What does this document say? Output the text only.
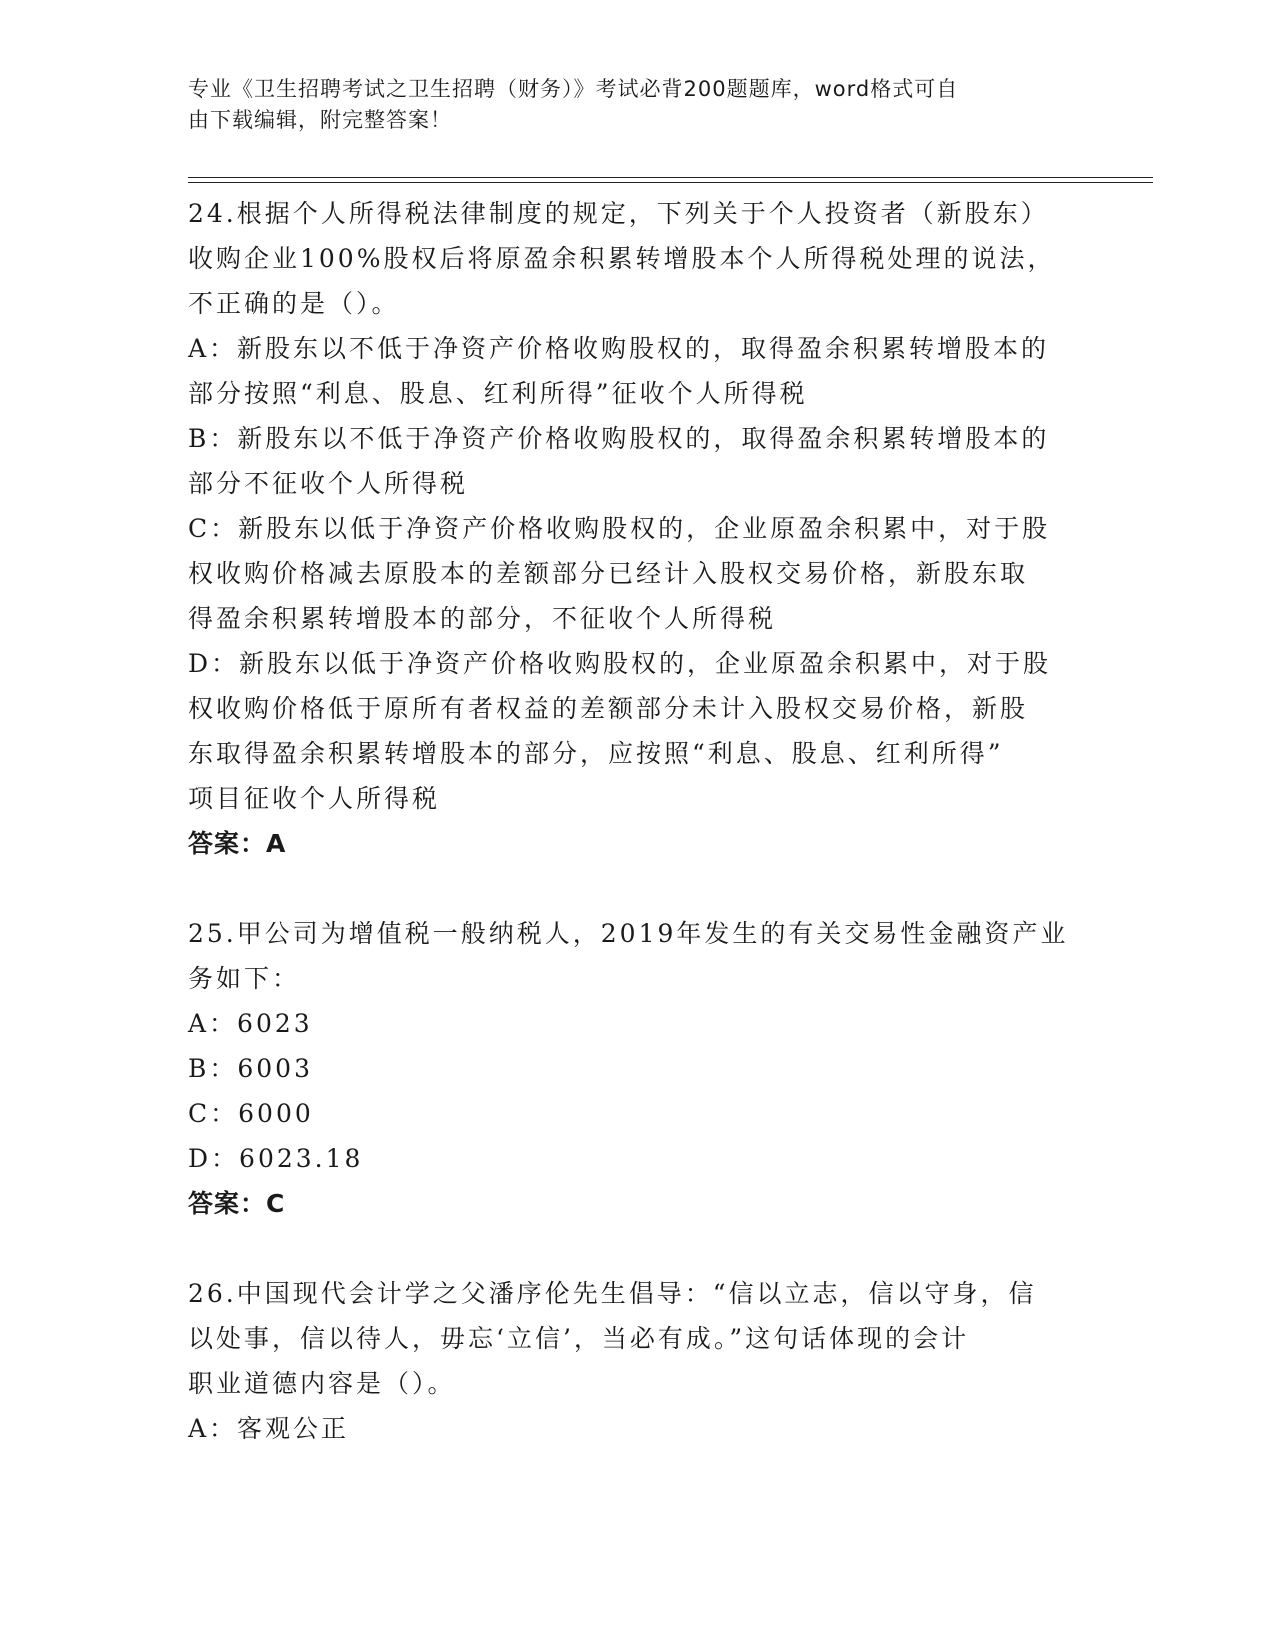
专业《卫生招聘考试之卫生招聘（财务）》考试必背200题题库，word格式可自
由下载编辑，附完整答案！
24.根据个人所得税法律制度的规定，下列关于个人投资者（新股东）
收购企业100%股权后将原盈余积累转增股本个人所得税处理的说法，
不正确的是（）。
A：新股东以不低于净资产价格收购股权的，取得盈余积累转增股本的
部分按照“利息、股息、红利所得”征收个人所得税
B：新股东以不低于净资产价格收购股权的，取得盈余积累转增股本的
部分不征收个人所得税
C：新股东以低于净资产价格收购股权的，企业原盈余积累中，对于股
权收购价格减去原股本的差额部分已经计入股权交易价格，新股东取
得盈余积累转增股本的部分，不征收个人所得税
D：新股东以低于净资产价格收购股权的，企业原盈余积累中，对于股
权收购价格低于原所有者权益的差额部分未计入股权交易价格，新股
东取得盈余积累转增股本的部分，应按照“利息、股息、红利所得”
项目征收个人所得税
答案：A
25.甲公司为增值税一般纳税人，2019年发生的有关交易性金融资产业
务如下：
A：6023
B：6003
C：6000
D：6023.18
答案：C
26.中国现代会计学之父潘序伦先生倡导：“信以立志，信以守身，信
以处事，信以待人，毋忘‘立信’，当必有成。”这句话体现的会计
职业道德内容是（）。
A：客观公正
